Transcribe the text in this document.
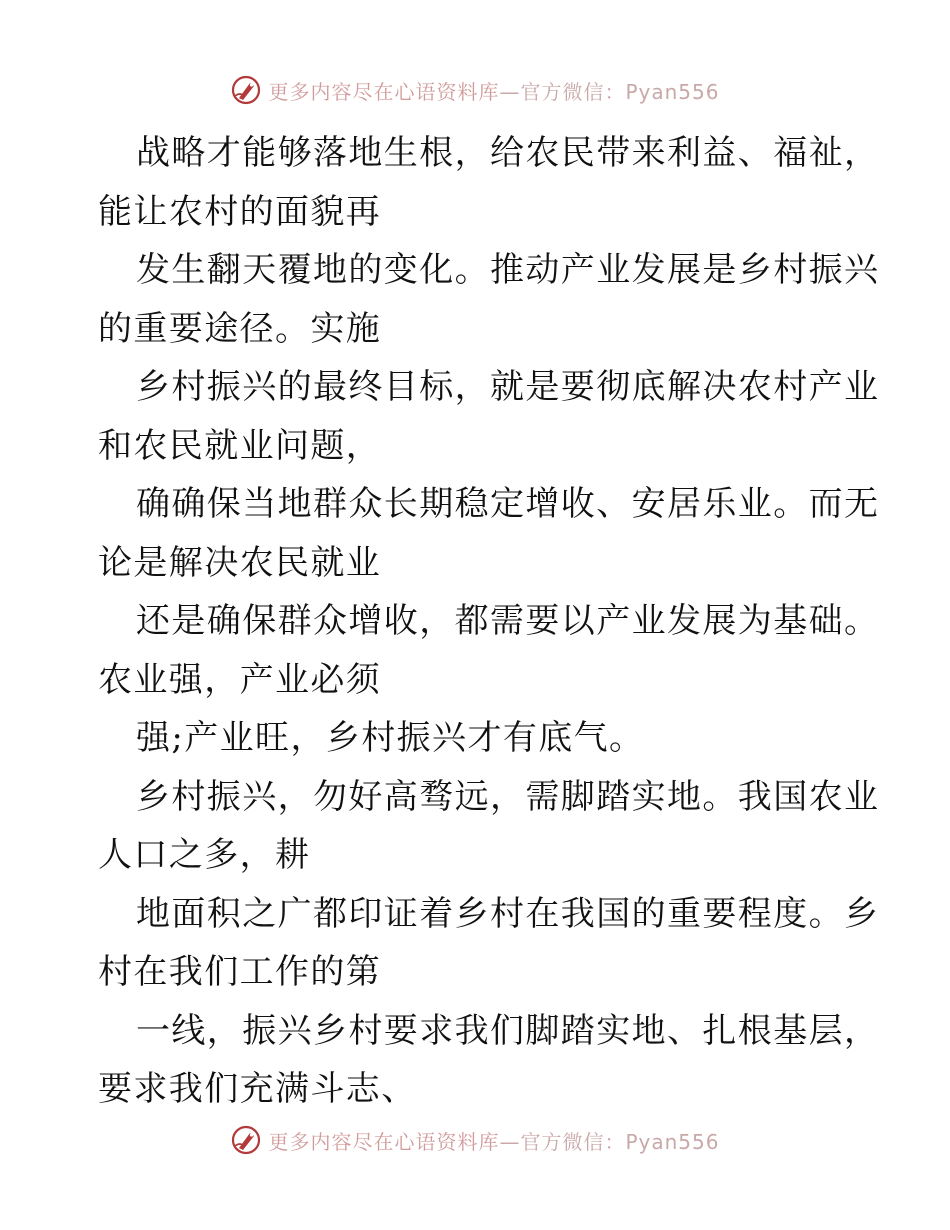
更多内容尽在心语资料库—官方微信：Pyan556
战略才能够落地生根，给农民带来利益、福祉，
能让农村的面貌再
发生翻天覆地的变化。推动产业发展是乡村振兴
的重要途径。实施
乡村振兴的最终目标，就是要彻底解决农村产业
和农民就业问题，
确确保当地群众长期稳定增收、安居乐业。而无
论是解决农民就业
还是确保群众增收，都需要以产业发展为基础。
农业强，产业必须
强;产业旺，乡村振兴才有底气。
乡村振兴，勿好高骛远，需脚踏实地。我国农业
人口之多，耕
地面积之广都印证着乡村在我国的重要程度。乡
村在我们工作的第
一线，振兴乡村要求我们脚踏实地、扎根基层，
要求我们充满斗志、
更多内容尽在心语资料库—官方微信：Pyan556
